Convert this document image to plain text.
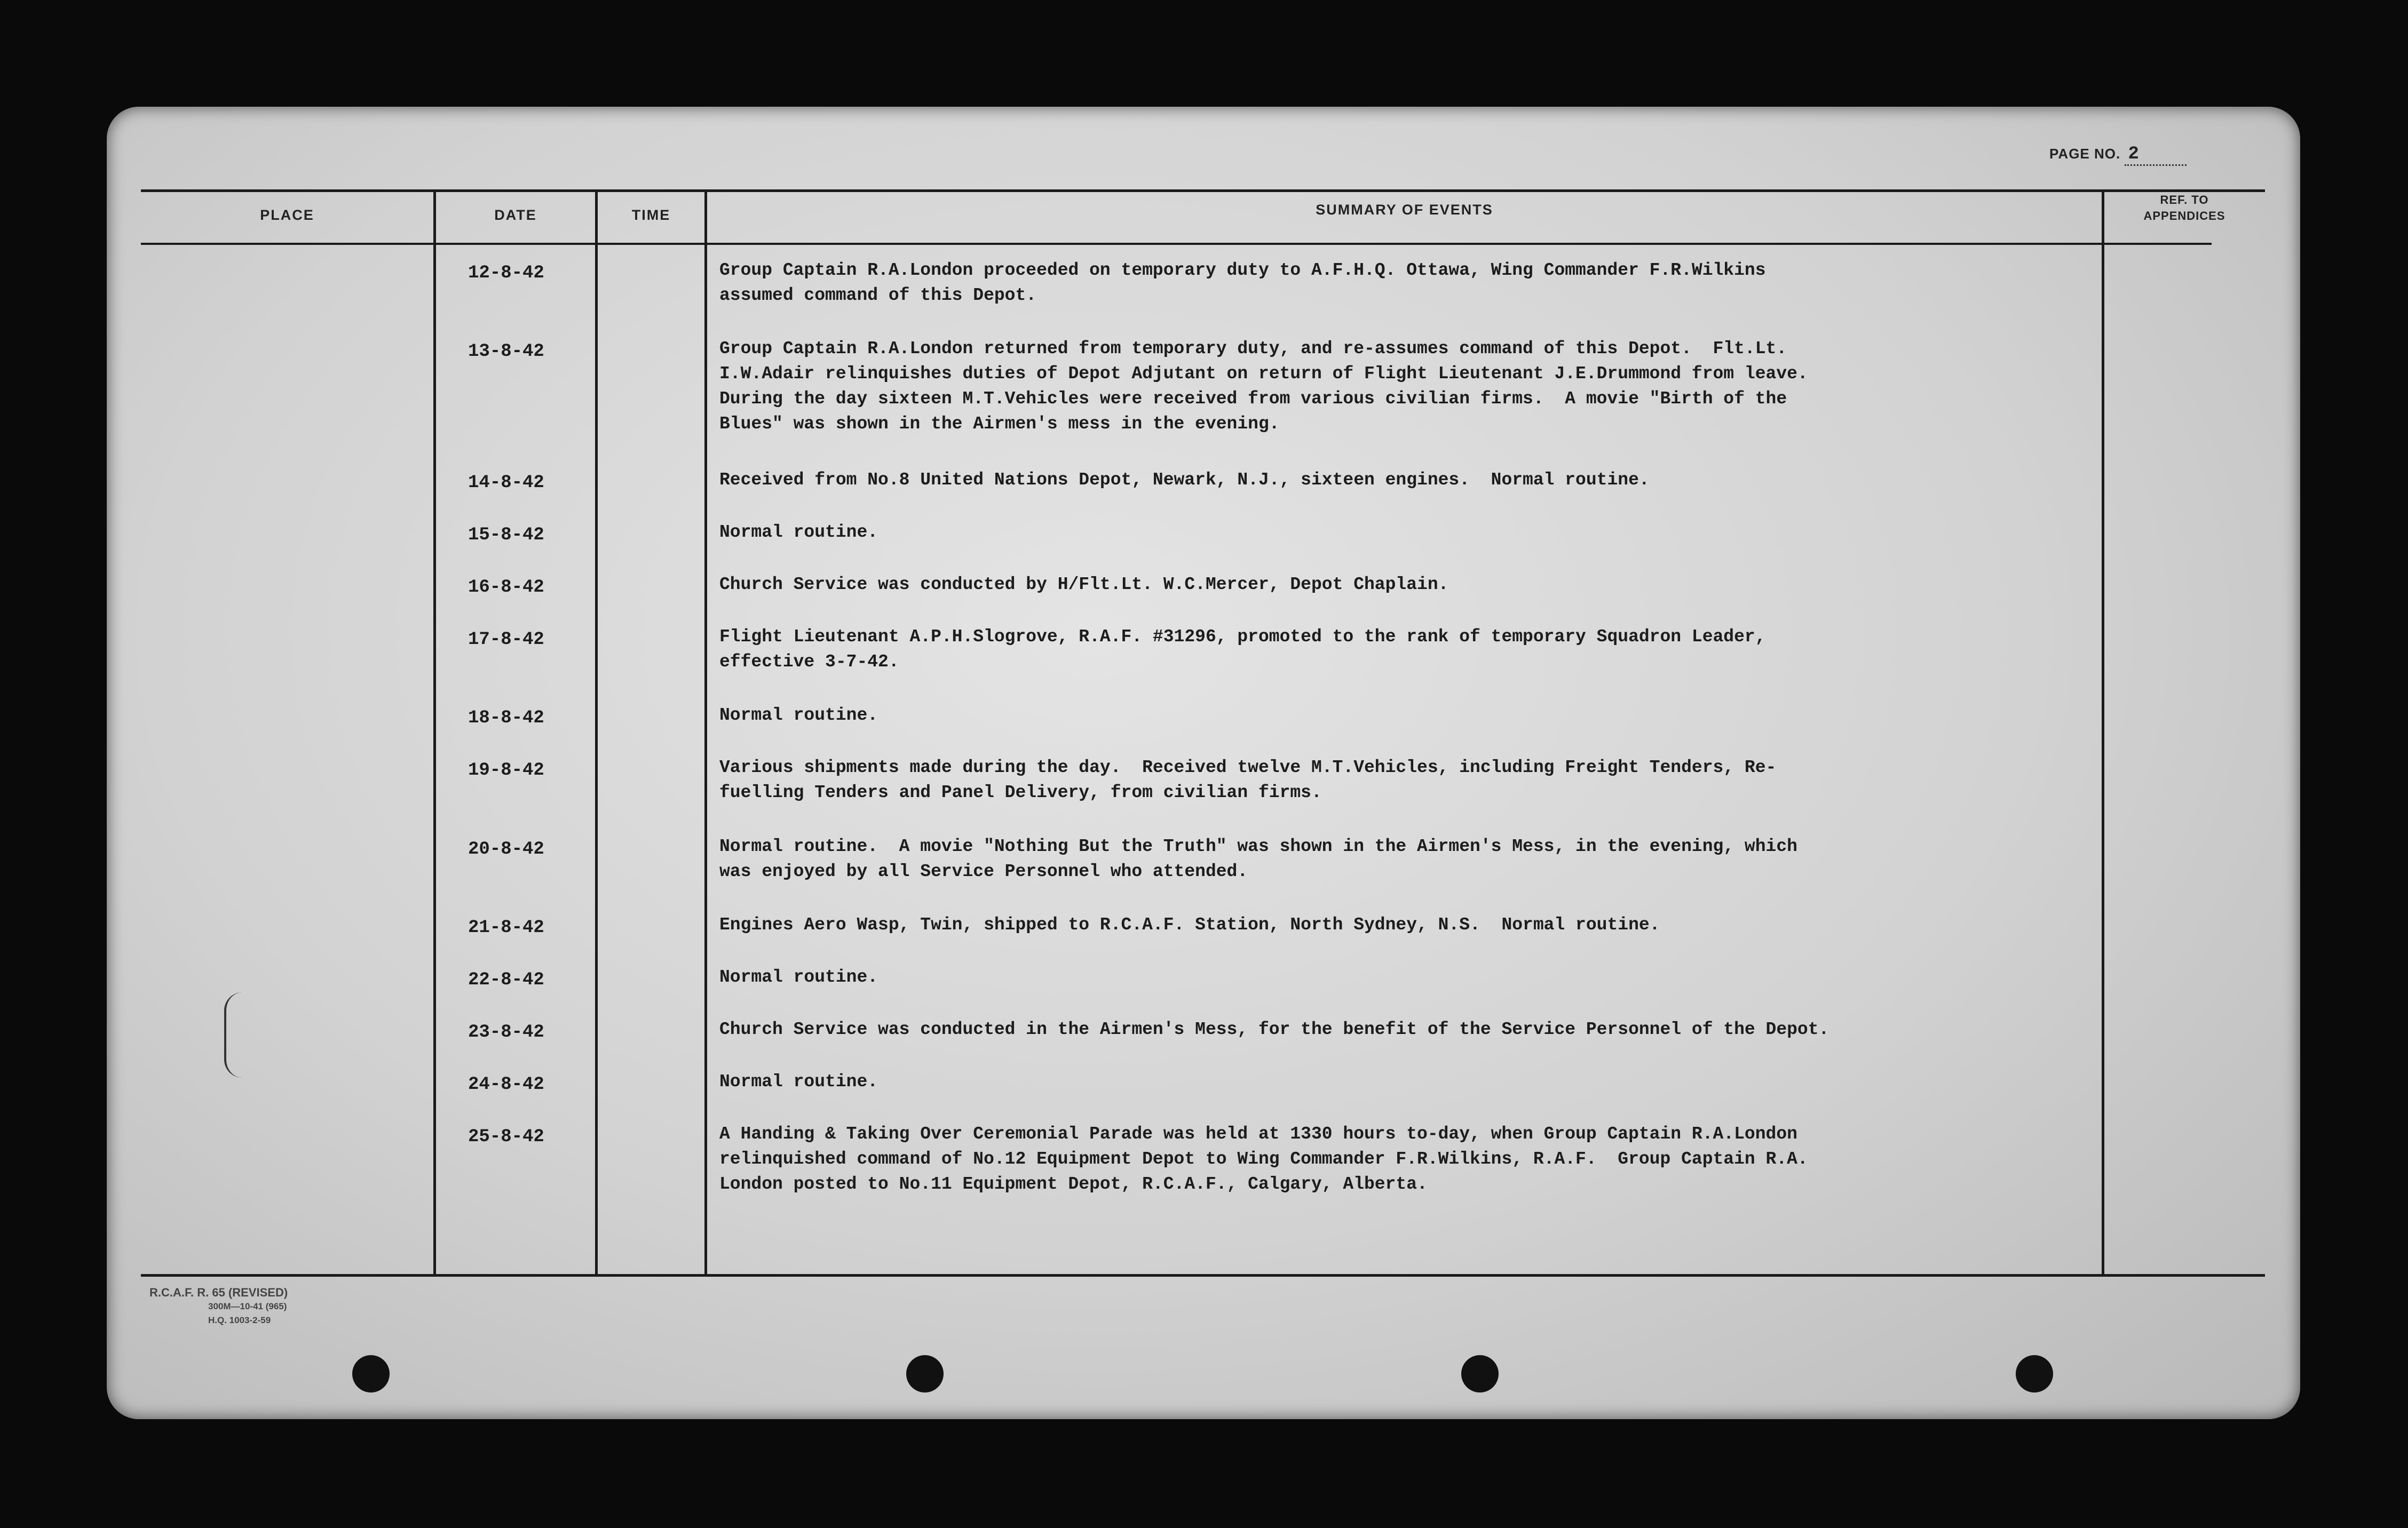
PAGE NO. 2
PLACE	DATE	TIME	SUMMARY OF EVENTS
REF. TO
APPENDICES
12-8-42	Group Captain R.A.London proceeded on temporary duty to A.F.H.Q. Ottawa, Wing Commander F.R.Wilkins
assumed command of this Depot.
13-8-42	Group Captain R.A.London returned from temporary duty, and re-assumes command of this Depot.  Flt.Lt.
I.W.Adair relinquishes duties of Depot Adjutant on return of Flight Lieutenant J.E.Drummond from leave.
During the day sixteen M.T.Vehicles were received from various civilian firms.  A movie "Birth of the
Blues" was shown in the Airmen's mess in the evening.
14-8-42	Received from No.8 United Nations Depot, Newark, N.J., sixteen engines.  Normal routine.
15-8-42	Normal routine.
16-8-42	Church Service was conducted by H/Flt.Lt. W.C.Mercer, Depot Chaplain.
17-8-42	Flight Lieutenant A.P.H.Slogrove, R.A.F. #31296, promoted to the rank of temporary Squadron Leader,
effective 3-7-42.
18-8-42	Normal routine.
19-8-42	Various shipments made during the day.  Received twelve M.T.Vehicles, including Freight Tenders, Re-
fuelling Tenders and Panel Delivery, from civilian firms.
20-8-42	Normal routine.  A movie "Nothing But the Truth" was shown in the Airmen's Mess, in the evening, which
was enjoyed by all Service Personnel who attended.
21-8-42	Engines Aero Wasp, Twin, shipped to R.C.A.F. Station, North Sydney, N.S.  Normal routine.
22-8-42	Normal routine.
23-8-42	Church Service was conducted in the Airmen's Mess, for the benefit of the Service Personnel of the Depot.
24-8-42	Normal routine.
25-8-42	A Handing & Taking Over Ceremonial Parade was held at 1330 hours to-day, when Group Captain R.A.London
relinquished command of No.12 Equipment Depot to Wing Commander F.R.Wilkins, R.A.F.  Group Captain R.A.
London posted to No.11 Equipment Depot, R.C.A.F., Calgary, Alberta.
R.C.A.F. R. 65 (REVISED)
300M—10-41 (965)
H.Q. 1003-2-59
